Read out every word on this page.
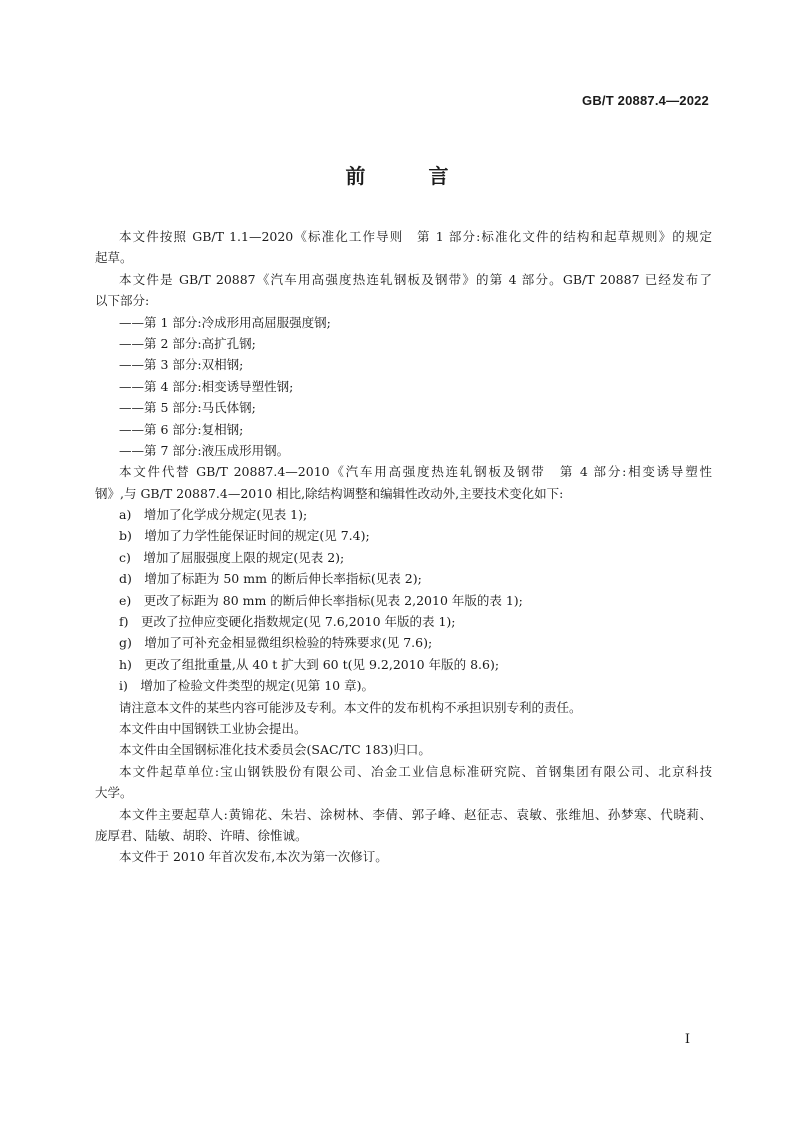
GB/T 20887.4—2022
前 言
本文件按照 GB/T 1.1—2020《标准化工作导则　第 1 部分:标准化文件的结构和起草规则》的规定
起草。
本文件是 GB/T 20887《汽车用高强度热连轧钢板及钢带》的第 4 部分。GB/T 20887 已经发布了
以下部分:
——第 1 部分:冷成形用高屈服强度钢;
——第 2 部分:高扩孔钢;
——第 3 部分:双相钢;
——第 4 部分:相变诱导塑性钢;
——第 5 部分:马氏体钢;
——第 6 部分:复相钢;
——第 7 部分:液压成形用钢。
本文件代替 GB/T 20887.4—2010《汽车用高强度热连轧钢板及钢带　第 4 部分:相变诱导塑性
钢》,与 GB/T 20887.4—2010 相比,除结构调整和编辑性改动外,主要技术变化如下:
a)　增加了化学成分规定(见表 1);
b)　增加了力学性能保证时间的规定(见 7.4);
c)　增加了屈服强度上限的规定(见表 2);
d)　增加了标距为 50 mm 的断后伸长率指标(见表 2);
e)　更改了标距为 80 mm 的断后伸长率指标(见表 2,2010 年版的表 1);
f)　更改了拉伸应变硬化指数规定(见 7.6,2010 年版的表 1);
g)　增加了可补充金相显微组织检验的特殊要求(见 7.6);
h)　更改了组批重量,从 40 t 扩大到 60 t(见 9.2,2010 年版的 8.6);
i)　增加了检验文件类型的规定(见第 10 章)。
请注意本文件的某些内容可能涉及专利。本文件的发布机构不承担识别专利的责任。
本文件由中国钢铁工业协会提出。
本文件由全国钢标准化技术委员会(SAC/TC 183)归口。
本文件起草单位:宝山钢铁股份有限公司、冶金工业信息标准研究院、首钢集团有限公司、北京科技
大学。
本文件主要起草人:黄锦花、朱岩、涂树林、李倩、郭子峰、赵征志、袁敏、张维旭、孙梦寒、代晓莉、
庞厚君、陆敏、胡聆、许晴、徐惟诚。
本文件于 2010 年首次发布,本次为第一次修订。
I
